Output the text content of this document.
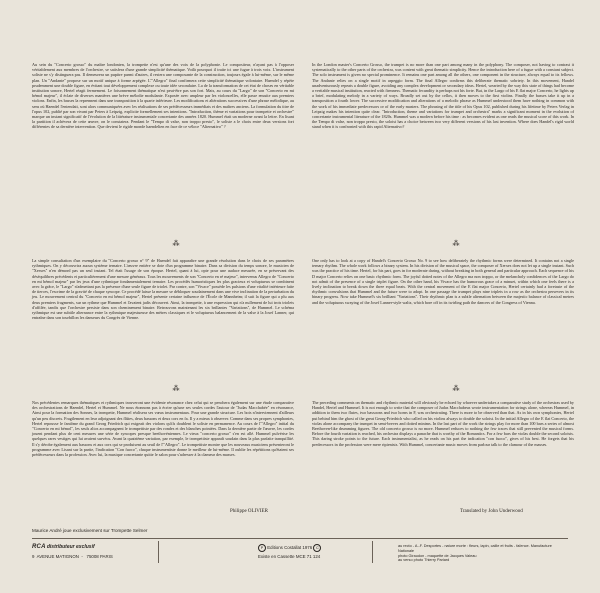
Au sein du "Concerto grosso" du maître londonien, la trompette n'est qu'une des voix de la polyphonie. Le compositeur, n'ayant pas à l'opposer véritablement aux membres de l'orchestre, se satisfera d'une grande simplicité thématique. Voilà pourquoi il traite ici une fugue à trois voix. L'instrument soliste ne s'y distinguera pas. Il demeurera un pupitre parmi d'autres, il restera une composante de la construction, toujours égale à lui-même, sur le même plan. Un "Andante" propose sur un motif unique à forme arpégée. L'"Allegro" final confirmera cette simplicité thématique volontaire. Haendel y répète prudemment une double figure, en évitant tout développement complexe ou toute idée secondaire. La de la transformation de cet état de choses en véritable institution sonore, Hertel réagit fermement. Le foisonnement thématique n'est peut-être pas son fort. Mais, au cours du "Largo" de son "Concerto en mi bémol majeur", il éclate de diverses manières une brève mélodie modulante. Exposée avec ampleur par les violoncelles, elle passe ensuite aux premiers violons. Enfin, les basses la reprennent dans une transposition à la quarte inférieure. Les modifications et altérations successives d'une phrase mélodique, au sens où Haendel l'entendait, sont alors communiquées avec les réalisations de ses prédécesseurs immédiats et des maîtres anciens. La formulation du titre de l'opus 102, publié par son vivant par Peters à Leipzig, explicite formellement ses intentions. "Introduction, thème et variations pour trompette et orchestre" marque un instant significatif de l'évolution de la littérature instrumentale concertante des années 1820. Hummel était un moderne avant la lettre. En lisant la partition il achèvera de cette œuvre, on le constatera. Pendant le "Tempo di valse, non troppo presto", le soliste a le choix entre deux versions fort différentes de sa dernière intervention. Que devient le rigide monde haendelien en face de ce véloce "Alternativo" ?

In the London master's Concerto Grosso, the trumpet is no more than one part among many in the polyphony. The composer, not having to contrast it systematically to the other parts of the orchestra, was content with great thematic simplicity. Hence the introduction here of a fugue with a constant subject. The solo instrument is given no special prominence. It remains one part among all the others, one component in the structure, always equal to its fellows. The Andante relies on a single motif in arpeggio form. The final Allegro confirms this deliberate thematic sobriety. In this movement, Handel unadventurously repeats a double figure, avoiding any complex development or secondary ideas. Hertel, wearied by the way this state of things had become a veritable musical institution, reacted with firmness. Thematic fecundity is perhaps not his forte. But, in the Largo of his E flat major Concerto, he lights up a brief, modulating melody in a variety of ways. Broadly set out by the cellos, it then moves to the first violins. Finally the basses take it up in a transposition a fourth lower. The successive modification and alterations of a melodic phrase as Hummel understood them have nothing in common with the work of his immediate predecessors or of the early masters. The phrasing of the title of his Opus 102, published during his lifetime by Peters Verlag in Leipzig makes his intention quite clear. "Introduction, theme and variations for trumpet and orchestra" marks a significant moment in the evolution of concertante instrumental literature of the 1820s. Hummel was a modern before his time : as becomes evident as one reads the musical score of this work. In the Tempo di valse, non troppo presto, the soloist has a choice between two very different versions of his last invention. Where does Handel's rigid world stand when it is confronted with this rapid Alternativo?

⁂	⁂

La simple consultation d'un exemplaire du "Concerto grosso n° 9" de Haendel fait apparaître une grande résolution dans le choix de ses paramètres rythmiques. On y découvrira aucun système ternaire. L'œuvre entière se dote d'un programme binaire. Dans sa division du temps sonore, le musicien de "Xerxes" n'en démord pas un seul instant. Tel était l'usage de son époque. Hertel, quant à lui, opte pour une audace mesurée, en se préservant des déséquilibres précédents et particulièrement d'une mesure généraux. Tous les mouvements de son "Concerto en ré majeur", intervenus Allegro de "Concerto en mi bémol majeur" par les jeux d'une rythmique fondamentalement ternaire. Les procédés humoristiques les plus gracieux et voluptueux se combinent avec la grâce, le "Largo" n'admettant pas la présence d'une seule figure de triolet. Par contre, son "Vivace" possède les pulsions d'une vitalité intérieure faite de tierces, l'escrime de la gravité de chaque syncope. Ce procédé laisse la mesure se débloquer soudainement dans une vive inclination de la perturbation du jeu. Le mouvement central du "Concerto en mi bémol majeur", Hertel présente certaine influence de l'École de Mannheim; il suit la figure qui a plu aux deux premiers fragments, sur un rythme que Hummel et l'avaient jadis découvert. Ainsi, la trompette, à une expression qui n'a nullement de lui trois triolets d'affilée, tandis que l'orchestre persiste dans son cheminement binaire. Retrouvons maintenant les six brillantes "Variations", de Hummel. Le schéma rythmique est une subtile alternance entre la rythmique majestueuse des mètres classiques et le voluptueux balancement de la valse à la Josef Lanner, qui entraîne dans son tourbillon les danseurs du Congrès de Vienne.

One only has to look at a copy of Handel's Concerto Grosso No. 9 to see how deliberately the rhythmic forms were determined. It contains not a single ternary rhythm. The whole work follows a binary system. In his division of the musical space, the composer of Xerxes does not let up a single instant. Such was the practice of his time. Hertel, for his part, goes in for moderate daring, without breaking in both general and particular approach. Each sequence of his D major Concerto relies on one basic rhythmic form. The joyful dotted notes of the Allegro ma non troppo, or the melancholy confidences of the Largo do not admit of the presence of a single triplet figure. On the other hand, his Vivace has the humorous grace of a minuet, within which one feels there is a lively inclination to break down the three equal beats. With the central movement of the E flat major Concerto, Hertel certainly had a foretaste of the rhythmic convulsions that Hummel and the future were to adopt. In one passage the trumpet plays nine triplets in a row as the orchestra persevers in its binary progress. Now take Hummel's six brilliant "Variations". Their rhythmic plan is a subtle alternation between the majestic balance of classical metres and the voluptuous swaying of the Josef Lanner-style waltz, which bore off in its twirling path the dancers of the Congress of Vienna.

⁂	⁂

Nos précédentes remarques thématiques et rythmiques trouveront une évidente résonance chez celui qui se penchera également sur une étude comparative des orchestrations de Haendel, Hertel et Hummel. Ne nous étonnons pas à écrire qu'une ses seules cordes l'autour de "Judas Macchabée" en résonance, Ainsi pour la formation des Sonnes, la trompette, Hummel réalisera ses vœux instrumentaux. Pour une grande structure. Les bois n'interviennent d'ailleurs qu'un peu discrets. Fragilement en leur adjoignant des flûtes, deux bassons et deux cors en fa. Il y a mieux à observer. Comme dans ses propres symphonies, Hertel repousse le fantôme du grand Georg Friedrich qui exigeait des violons qu'ils doublent le soliste en permanence. Au cours de l'"Allegro" initial du "Concerto en mi bémol", les seuls altos accompagnent le trompettiste par des rondes et des blanches pointées. Dans la dernière partie de l'œuvre, les cordes jouent pendant plus de cent mesures une série de syncopes presque beethovéniennes. Le vieux "concerto grosso" s'en est allé. Hummel pulvérise les quelques rares vestiges qui lui avaient survécu. Avant la quatrième variation, par exemple, le trompettiste apparaît soudain dans la plus parfaite tranquillité. Il s'y dérobe également aux bassons et aux cors qui se produisent au seuil de l'"Allegro". Le trompettiste montre que les nouveaux musiciens présenteront le programme avec Lisant sur la partie, l'indication "Con fuoco", chaque instrumentiste donne le meilleur de lui-même. Il oublie les répétitions qu'étaient ses prédécesseurs dans la profession. Avec lui, la musique concertante quitte le salon pour s'adresser à la clameur des masses.

The preceding comments on thematic and rhythmic material will obviously be echoed by whoever undertakes a comparative study of the orchestras used by Handel, Hertel and Hummel. It is not enough to write that the composer of Judas Macchabeus wrote instrumentation for strings alone, whereas Hummel, in addition to them two flutes, two bassoons and two horns in F, was orchestrating. There is more to be observed than that. As in his own symphonies, Hertel put behind him the ghost of the great Georg-Friedrich who called on his violins always to double the soloist. In the initial Allegro of the E flat Concerto, the violas alone accompany the trumpet in semi-breves and dotted minims. In the last part of the work the strings play for more than 100 bars a series of almost Beethoven-like drumming figures. The old concerto grosso is no more. Hummel reduces to nothing the few traces that still prevented the musical forms. Before the fourth variation is reached, his orchestra displays a panache that is worthy of the Romantics. For a few bars the violas double the second soloists. This daring stroke points to the future. Each instrumentalist, as he reads on his part the indication "con fuoco", gives of his best. He forgets that his predecessors in the profession were mere ripienists. With Hummel, concertante music moves from parlour talk to the clamour of the masses.

Philippe OLIVIER	Translated by John Underwood
Maurice André joue exclusivement sur Trompette Selmer
RCA distributeur exclusif
9 AVENUE MATIGNON  -   75008 PARIS
P Editions Costallat 1976 C
Existe en Cassette MCE 71 124
au recto - A.-F. Desportes - nature morte : fleurs, lapin, caille et fruits - faïence. Manufacture Nationale
photo Giraudon - maquette de Jacques Valeau
au verso photo Thierry Pariard
